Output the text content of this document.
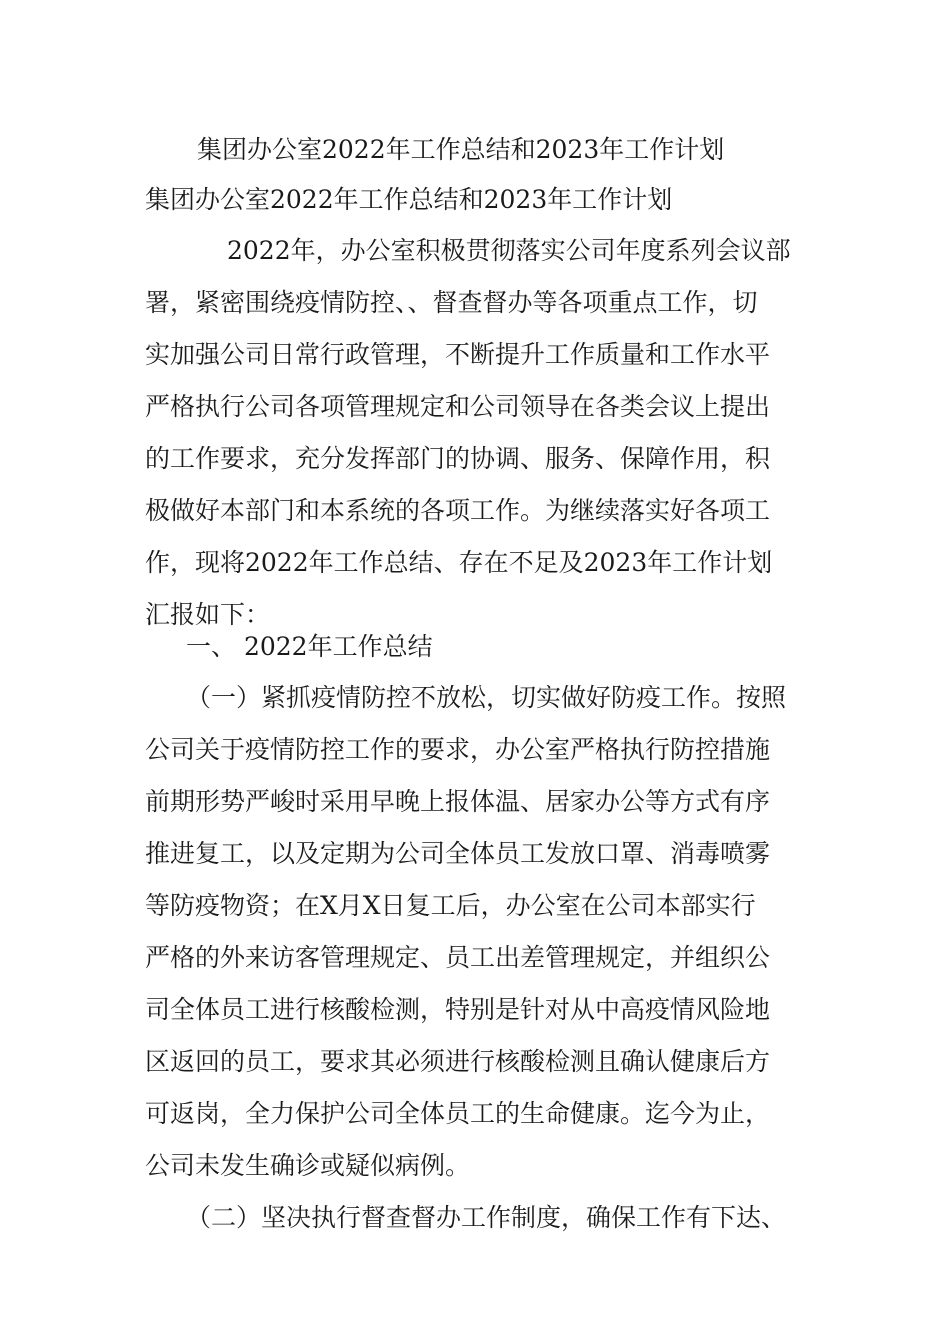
集团办公室2022年工作总结和2023年工作计划
集团办公室2022年工作总结和2023年工作计划
2022年，办公室积极贯彻落实公司年度系列会议部
署，紧密围绕疫情防控、、督查督办等各项重点工作，切
实加强公司日常行政管理，不断提升工作质量和工作水平
严格执行公司各项管理规定和公司领导在各类会议上提出
的工作要求，充分发挥部门的协调、服务、保障作用，积
极做好本部门和本系统的各项工作。为继续落实好各项工
作，现将2022年工作总结、存在不足及2023年工作计划
汇报如下：
一、 2022年工作总结
（一）紧抓疫情防控不放松，切实做好防疫工作。按照
公司关于疫情防控工作的要求，办公室严格执行防控措施
前期形势严峻时采用早晚上报体温、居家办公等方式有序
推进复工，以及定期为公司全体员工发放口罩、消毒喷雾
等防疫物资；在X月X日复工后，办公室在公司本部实行
严格的外来访客管理规定、员工出差管理规定，并组织公
司全体员工进行核酸检测，特别是针对从中高疫情风险地
区返回的员工，要求其必须进行核酸检测且确认健康后方
可返岗，全力保护公司全体员工的生命健康。迄今为止，
公司未发生确诊或疑似病例。
（二）坚决执行督查督办工作制度，确保工作有下达、
